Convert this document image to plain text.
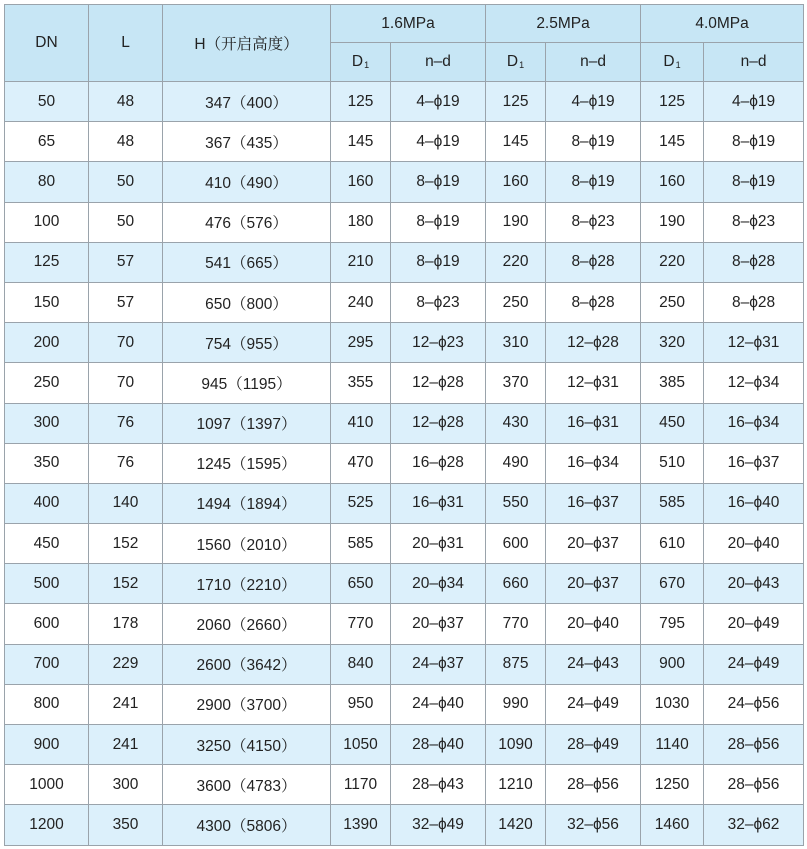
DN	L	H（开启高度）	1.6MPa		2.5MPa		4.0MPa	
			$D_1$	n–d	$D_1$	n–d	$D_1$	n–d
50	48	347（400）	125	4–ϕ19	125	4–ϕ19	125	4–ϕ19
65	48	367（435）	145	4–ϕ19	145	8–ϕ19	145	8–ϕ19
80	50	410（490）	160	8–ϕ19	160	8–ϕ19	160	8–ϕ19
100	50	476（576）	180	8–ϕ19	190	8–ϕ23	190	8–ϕ23
125	57	541（665）	210	8–ϕ19	220	8–ϕ28	220	8–ϕ28
150	57	650（800）	240	8–ϕ23	250	8–ϕ28	250	8–ϕ28
200	70	754（955）	295	12–ϕ23	310	12–ϕ28	320	12–ϕ31
250	70	945（1195）	355	12–ϕ28	370	12–ϕ31	385	12–ϕ34
300	76	1097（1397）	410	12–ϕ28	430	16–ϕ31	450	16–ϕ34
350	76	1245（1595）	470	16–ϕ28	490	16–ϕ34	510	16–ϕ37
400	140	1494（1894）	525	16–ϕ31	550	16–ϕ37	585	16–ϕ40
450	152	1560（2010）	585	20–ϕ31	600	20–ϕ37	610	20–ϕ40
500	152	1710（2210）	650	20–ϕ34	660	20–ϕ37	670	20–ϕ43
600	178	2060（2660）	770	20–ϕ37	770	20–ϕ40	795	20–ϕ49
700	229	2600（3642）	840	24–ϕ37	875	24–ϕ43	900	24–ϕ49
800	241	2900（3700）	950	24–ϕ40	990	24–ϕ49	1030	24–ϕ56
900	241	3250（4150）	1050	28–ϕ40	1090	28–ϕ49	1140	28–ϕ56
1000	300	3600（4783）	1170	28–ϕ43	1210	28–ϕ56	1250	28–ϕ56
1200	350	4300（5806）	1390	32–ϕ49	1420	32–ϕ56	1460	32–ϕ62
